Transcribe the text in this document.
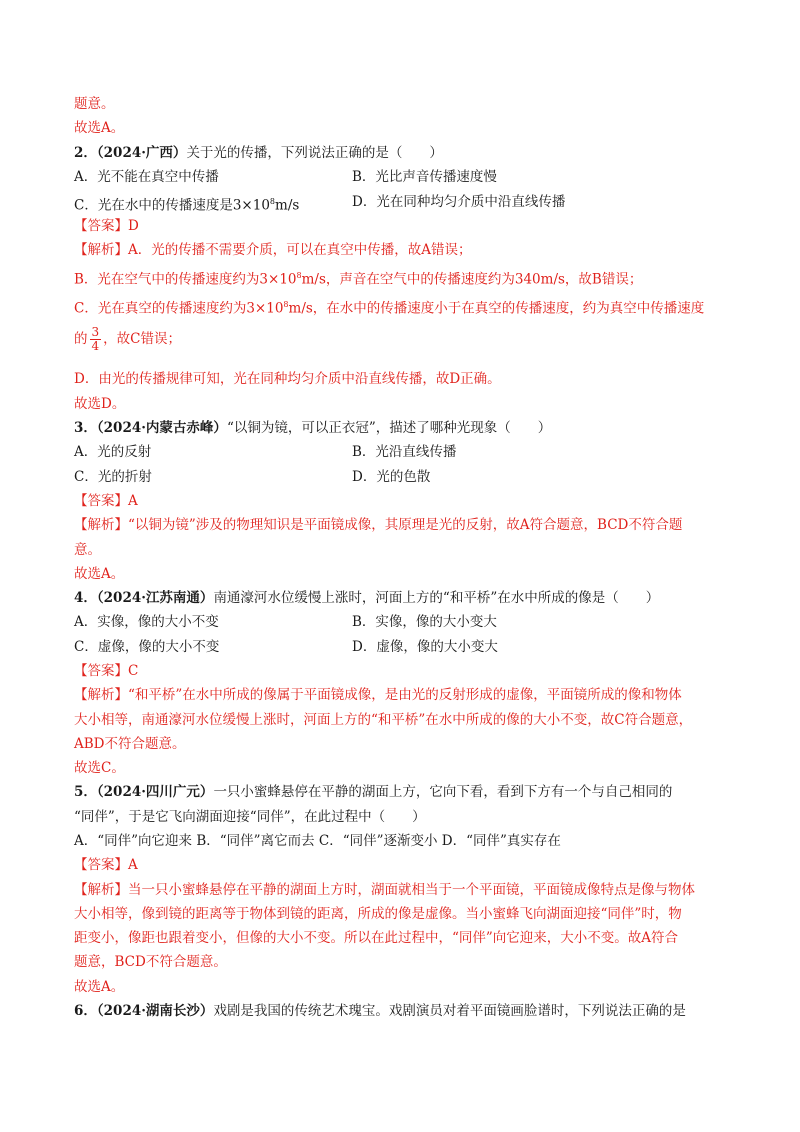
题意。
故选A。
2．（2024·广西）关于光的传播，下列说法正确的是（　　）
A．光不能在真空中传播	B．光比声音传播速度慢
C．光在水中的传播速度是$3\times 10^8m/s$	D．光在同种均匀介质中沿直线传播
【答案】D
【解析】A．光的传播不需要介质，可以在真空中传播，故A错误；
B．光在空气中的传播速度约为$3\times 10^8m/s$，声音在空气中的传播速度约为340m/s，故B错误；
C．光在真空的传播速度约为$3\times 10^8m/s$，在水中的传播速度小于在真空的传播速度，约为真空中传播速度
的 $\frac{3}{4}$ ，故C错误；
D．由光的传播规律可知，光在同种均匀介质中沿直线传播，故D正确。
故选D。
3．（2024·内蒙古赤峰）“以铜为镜，可以正衣冠”，描述了哪种光现象（　　）
A．光的反射	B．光沿直线传播
C．光的折射	D．光的色散
【答案】A
【解析】“以铜为镜”涉及的物理知识是平面镜成像，其原理是光的反射，故A符合题意，BCD不符合题
意。
故选A。
4．（2024·江苏南通）南通濠河水位缓慢上涨时，河面上方的“和平桥”在水中所成的像是（　　）
A．实像，像的大小不变	B．实像，像的大小变大
C．虚像，像的大小不变	D．虚像，像的大小变大
【答案】C
【解析】“和平桥”在水中所成的像属于平面镜成像，是由光的反射形成的虚像，平面镜所成的像和物体
大小相等，南通濠河水位缓慢上涨时，河面上方的“和平桥”在水中所成的像的大小不变，故C符合题意，
ABD不符合题意。
故选C。
5．（2024·四川广元）一只小蜜蜂悬停在平静的湖面上方，它向下看，看到下方有一个与自己相同的
“同伴”，于是它飞向湖面迎接“同伴”，在此过程中（　　）
A．“同伴”向它迎来 B．“同伴”离它而去 C．“同伴”逐渐变小 D．“同伴”真实存在
【答案】A
【解析】当一只小蜜蜂悬停在平静的湖面上方时，湖面就相当于一个平面镜，平面镜成像特点是像与物体
大小相等，像到镜的距离等于物体到镜的距离，所成的像是虚像。当小蜜蜂飞向湖面迎接“同伴”时，物
距变小，像距也跟着变小，但像的大小不变。所以在此过程中，“同伴”向它迎来，大小不变。故A符合
题意，BCD不符合题意。
故选A。
6．（2024·湖南长沙）戏剧是我国的传统艺术瑰宝。戏剧演员对着平面镜画脸谱时，下列说法正确的是
